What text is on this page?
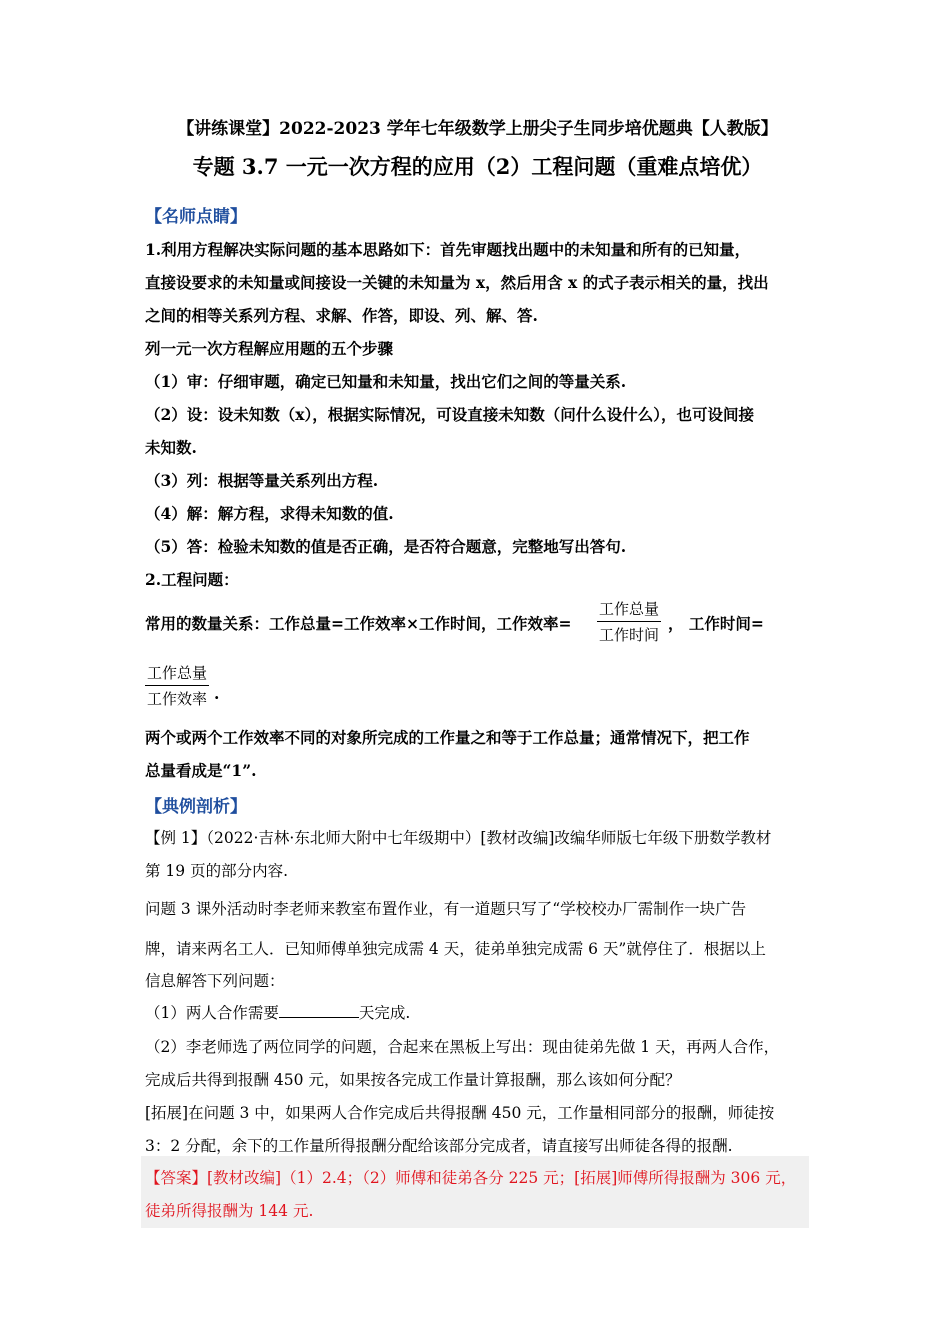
【讲练课堂】2022-2023 学年七年级数学上册尖子生同步培优题典【人教版】
专题 3.7 一元一次方程的应用（2）工程问题（重难点培优）
【名师点睛】
1.利用方程解决实际问题的基本思路如下：首先审题找出题中的未知量和所有的已知量，
直接设要求的未知量或间接设一关键的未知量为 x，然后用含 x 的式子表示相关的量，找出
之间的相等关系列方程、求解、作答，即设、列、解、答.
列一元一次方程解应用题的五个步骤
（1）审：仔细审题，确定已知量和未知量，找出它们之间的等量关系.
（2）设：设未知数（x），根据实际情况，可设直接未知数（问什么设什么），也可设间接
未知数.
（3）列：根据等量关系列出方程.
（4）解：解方程，求得未知数的值.
（5）答：检验未知数的值是否正确，是否符合题意，完整地写出答句.
2.工程问题：
常用的数量关系：工作总量=工作效率×工作时间，工作效率=
工作总量
工作时间
， 工作时间=
工作总量
工作效率 .
两个或两个工作效率不同的对象所完成的工作量之和等于工作总量；通常情况下，把工作
总量看成是“1”.
【典例剖析】
【例 1】（2022·吉林·东北师大附中七年级期中）[教材改编]改编华师版七年级下册数学教材
第 19 页的部分内容.
问题 3 课外活动时李老师来教室布置作业，有一道题只写了“学校校办厂需制作一块广告
牌，请来两名工人．已知师傅单独完成需 4 天，徒弟单独完成需 6 天”就停住了．根据以上
信息解答下列问题：
（1）两人合作需要	天完成.
（2）李老师选了两位同学的问题，合起来在黑板上写出：现由徒弟先做 1 天，再两人合作，
完成后共得到报酬 450 元，如果按各完成工作量计算报酬，那么该如何分配？
[拓展]在问题 3 中，如果两人合作完成后共得报酬 450 元，工作量相同部分的报酬，师徒按
3：2 分配，余下的工作量所得报酬分配给该部分完成者，请直接写出师徒各得的报酬.
【答案】[教材改编]（1）2.4；（2）师傅和徒弟各分 225 元；[拓展]师傅所得报酬为 306 元，
徒弟所得报酬为 144 元.
